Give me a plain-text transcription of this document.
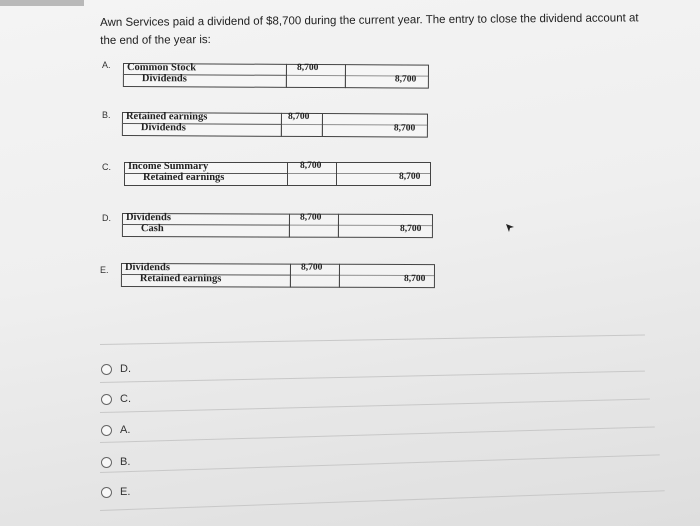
Awn Services paid a dividend of $8,700 during the current year. The entry to close the dividend account at the end of the year is:
A. Common Stock
Dividends
8,700
8,700
B. Retained earnings
Dividends
8,700
8,700
C. Income Summary
Retained earnings
8,700
8,700
D. Dividends
Cash
8,700
8,700
E. Dividends
Retained earnings
8,700
8,700
D.
C.
A.
B.
E.
